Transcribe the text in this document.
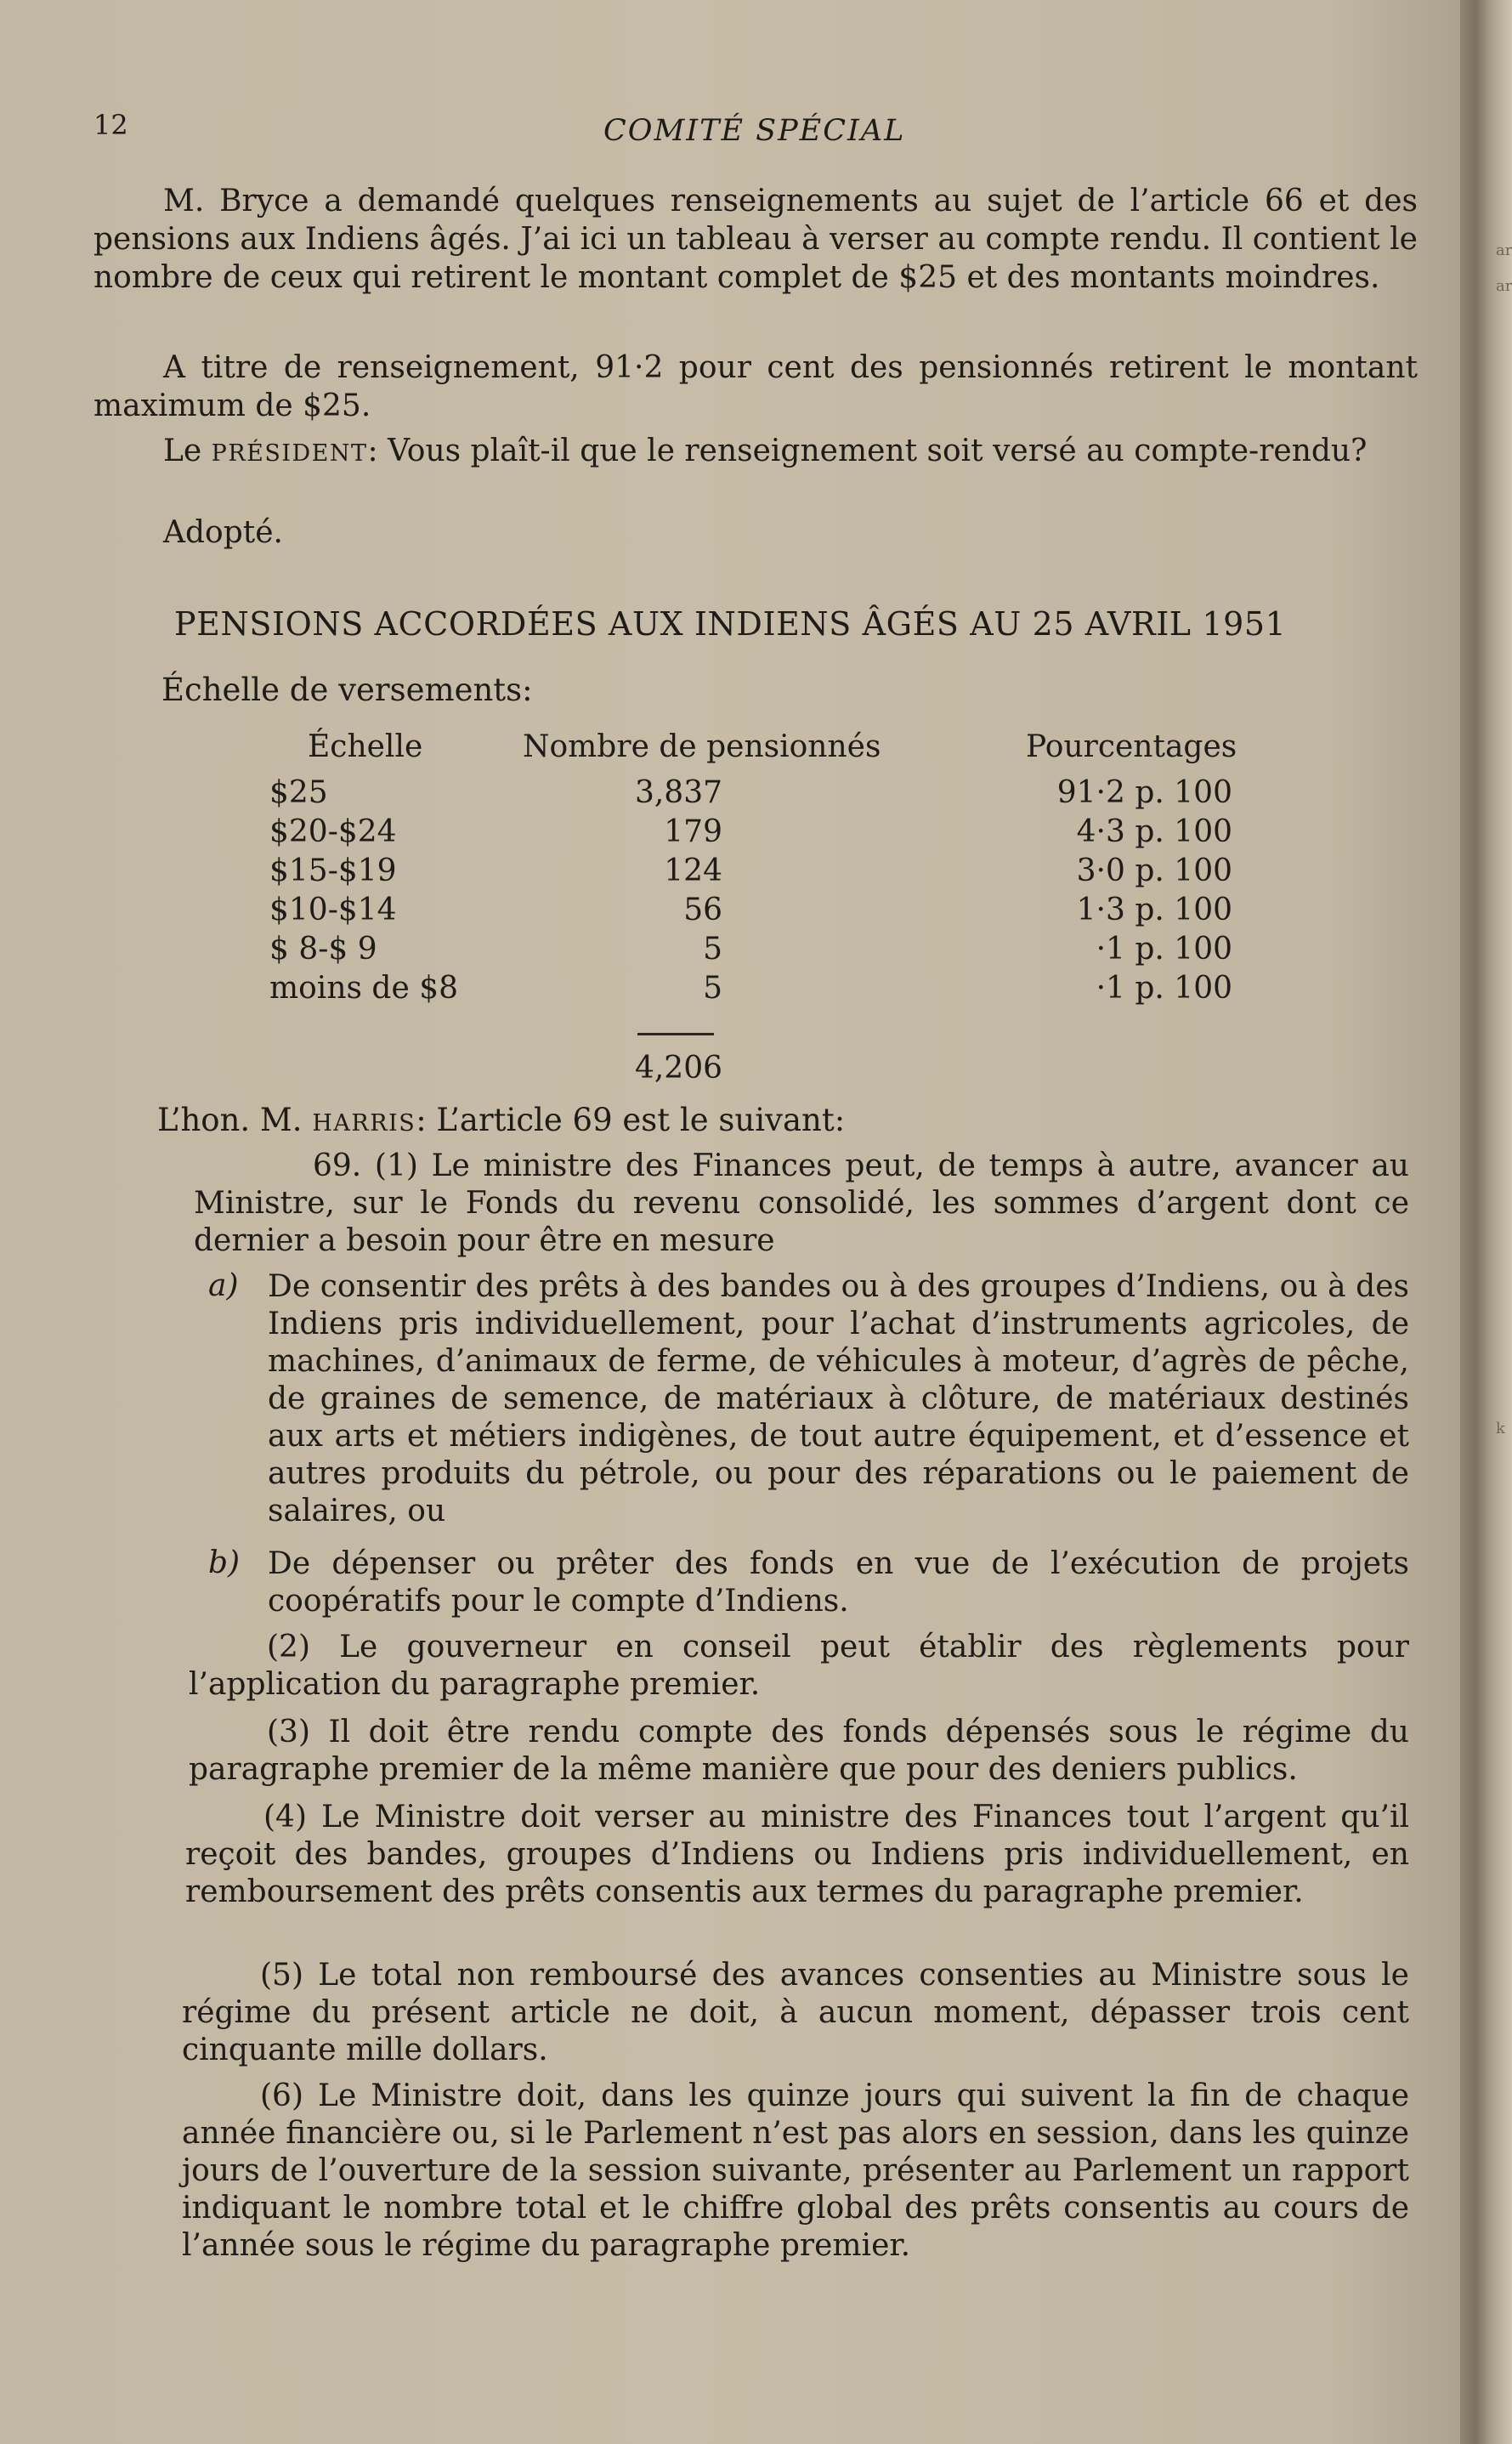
ar
ar
k
12	COMITÉ SPÉCIAL

M. Bryce a demandé quelques renseignements au sujet de l’article 66 et des pensions aux Indiens âgés. J’ai ici un tableau à verser au compte rendu. Il contient le nombre de ceux qui retirent le montant complet de $25 et des montants moindres.

A titre de renseignement, 91·2 pour cent des pensionnés retirent le montant maximum de $25.

Le PRÉSIDENT: Vous plaît-il que le renseignement soit versé au compte-rendu?

Adopté.

PENSIONS ACCORDÉES AUX INDIENS ÂGÉS AU 25 AVRIL 1951
Échelle de versements:
Échelle	Nombre de pensionnés	Pourcentages
$25	3,837	91·2 p. 100
$20-$24	179	4·3 p. 100
$15-$19	124	3·0 p. 100
$10-$14	56	1·3 p. 100
$ 8-$ 9	5	·1 p. 100
moins de $8	5	·1 p. 100
4,206
L’hon. M. HARRIS: L’article 69 est le suivant:

69. (1) Le ministre des Finances peut, de temps à autre, avancer au Ministre, sur le Fonds du revenu consolidé, les sommes d’argent dont ce dernier a besoin pour être en mesure

a) De consentir des prêts à des bandes ou à des groupes d’Indiens, ou à des Indiens pris individuellement, pour l’achat d’instruments agricoles, de machines, d’animaux de ferme, de véhicules à moteur, d’agrès de pêche, de graines de semence, de matériaux à clôture, de matériaux destinés aux arts et métiers indigènes, de tout autre équipement, et d’essence et autres produits du pétrole, ou pour des réparations ou le paiement de salaires, ou

b) De dépenser ou prêter des fonds en vue de l’exécution de projets coopératifs pour le compte d’Indiens.

(2) Le gouverneur en conseil peut établir des règlements pour l’application du paragraphe premier.

(3) Il doit être rendu compte des fonds dépensés sous le régime du paragraphe premier de la même manière que pour des deniers publics.

(4) Le Ministre doit verser au ministre des Finances tout l’argent qu’il reçoit des bandes, groupes d’Indiens ou Indiens pris individuellement, en remboursement des prêts consentis aux termes du paragraphe premier.

(5) Le total non remboursé des avances consenties au Ministre sous le régime du présent article ne doit, à aucun moment, dépasser trois cent cinquante mille dollars.

(6) Le Ministre doit, dans les quinze jours qui suivent la fin de chaque année financière ou, si le Parlement n’est pas alors en session, dans les quinze jours de l’ouverture de la session suivante, présenter au Parlement un rapport indiquant le nombre total et le chiffre global des prêts consentis au cours de l’année sous le régime du paragraphe premier.
